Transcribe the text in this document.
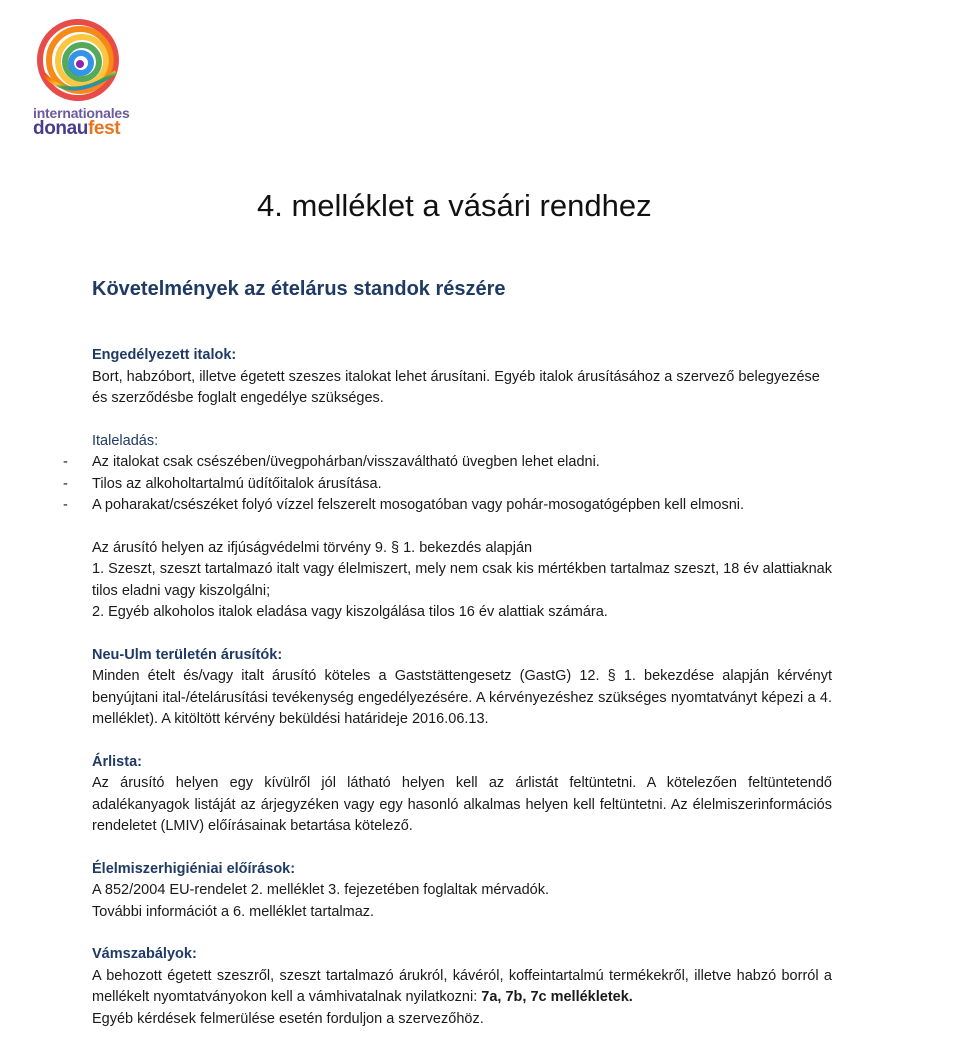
internationales
donaufest
4. melléklet a vásári rendhez
Követelmények az ételárus standok részére
Engedélyezett italok:

Bort, habzóbort, illetve égetett szeszes italokat lehet árusítani. Egyéb italok árusításához a szervező belegyezése és szerződésbe foglalt engedélye szükséges.

Italeladás:
- Az italokat csak csészében/üvegpohárban/visszaváltható üvegben lehet eladni.
- Tilos az alkoholtartalmú üdítőitalok árusítása.
- A poharakat/csészéket folyó vízzel felszerelt mosogatóban vagy pohár-mosogatógépben kell elmosni.

Az árusító helyen az ifjúságvédelmi törvény 9. § 1. bekezdés alapján

1. Szeszt, szeszt tartalmazó italt vagy élelmiszert, mely nem csak kis mértékben tartalmaz szeszt, 18 év alattiaknak tilos eladni vagy kiszolgálni;

2. Egyéb alkoholos italok eladása vagy kiszolgálása tilos 16 év alattiak számára.

Neu-Ulm területén árusítók:

Minden ételt és/vagy italt árusító köteles a Gaststättengesetz (GastG) 12. § 1. bekezdése alapján kérvényt benyújtani ital-/ételárusítási tevékenység engedélyezésére. A kérvényezéshez szükséges nyomtatványt képezi a 4. melléklet). A kitöltött kérvény beküldési határideje 2016.06.13.

Árlista:

Az árusító helyen egy kívülről jól látható helyen kell az árlistát feltüntetni. A kötelezően feltüntetendő adalékanyagok listáját az árjegyzéken vagy egy hasonló alkalmas helyen kell feltüntetni. Az élelmiszerinformációs rendeletet (LMIV) előírásainak betartása kötelező.

Élelmiszerhigiéniai előírások:

A 852/2004 EU-rendelet 2. melléklet 3. fejezetében foglaltak mérvadók.

További információt a 6. melléklet tartalmaz.

Vámszabályok:

A behozott égetett szeszről, szeszt tartalmazó árukról, kávéról, koffeintartalmú termékekről, illetve habzó borról a mellékelt nyomtatványokon kell a vámhivatalnak nyilatkozni: 7a, 7b, 7c mellékletek.

Egyéb kérdések felmerülése esetén forduljon a szervezőhöz.
